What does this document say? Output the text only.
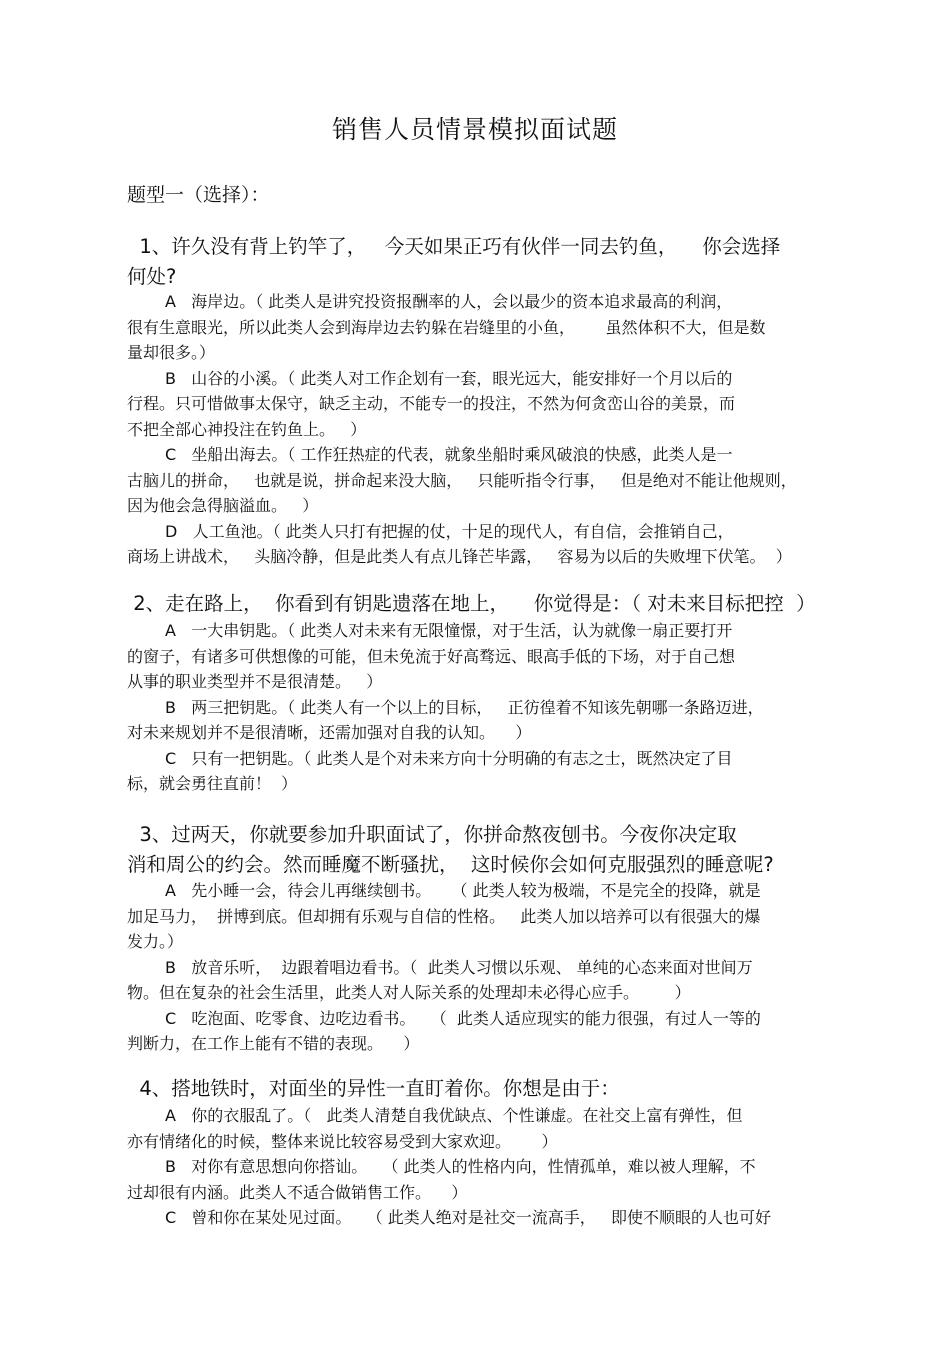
销售人员情景模拟面试题
题型一（选择）：
1、许久没有背上钓竿了，   今天如果正巧有伙伴一同去钓鱼，    你会选择
何处?
A   海岸边。（ 此类人是讲究投资报酬率的人，会以最少的资本追求最高的利润，
很有生意眼光，所以此类人会到海岸边去钓躲在岩缝里的小鱼，      虽然体积不大，但是数
量却很多。）
B   山谷的小溪。（ 此类人对工作企划有一套，眼光远大，能安排好一个月以后的
行程。只可惜做事太保守，缺乏主动，不能专一的投注，不然为何贪峦山谷的美景，而
不把全部心神投注在钓鱼上。   ）
C   坐船出海去。（ 工作狂热症的代表，就象坐船时乘风破浪的快感，此类人是一
古脑儿的拼命，   也就是说，拼命起来没大脑，   只能听指令行事，   但是绝对不能让他规则，
因为他会急得脑溢血。   ）
D   人工鱼池。（ 此类人只打有把握的仗，十足的现代人，有自信，会推销自己，
商场上讲战术，   头脑冷静，但是此类人有点儿锋芒毕露，   容易为以后的失败埋下伏笔。  ）
2、走在路上，  你看到有钥匙遗落在地上，    你觉得是：（ 对未来目标把控  ）
A   一大串钥匙。（ 此类人对未来有无限憧憬，对于生活，认为就像一扇正要打开
的窗子，有诸多可供想像的可能，但未免流于好高骛远、眼高手低的下场，对于自己想
从事的职业类型并不是很清楚。   ）
B   两三把钥匙。（ 此类人有一个以上的目标，   正彷徨着不知该先朝哪一条路迈进，
对未来规划并不是很清晰，还需加强对自我的认知。    ）
C   只有一把钥匙。（ 此类人是个对未来方向十分明确的有志之士，既然决定了目
标，就会勇往直前！  ）
3、过两天，你就要参加升职面试了，你拼命熬夜刨书。今夜你决定取
消和周公的约会。然而睡魔不断骚扰，  这时候你会如何克服强烈的睡意呢?
A   先小睡一会，待会儿再继续刨书。    （ 此类人较为极端，不是完全的投降，就是
加足马力，  拼博到底。但却拥有乐观与自信的性格。   此类人加以培养可以有很强大的爆
发力。）
B   放音乐听，  边跟着唱边看书。（  此类人习惯以乐观、 单纯的心态来面对世间万
物。但在复杂的社会生活里，此类人对人际关系的处理却未必得心应手。       ）
C   吃泡面、吃零食、边吃边看书。   （  此类人适应现实的能力很强，有过人一等的
判断力，在工作上能有不错的表现。    ）
4、搭地铁时，对面坐的异性一直盯着你。你想是由于：
A   你的衣服乱了。（   此类人清楚自我优缺点、个性谦虚。在社交上富有弹性，但
亦有情绪化的时候，整体来说比较容易受到大家欢迎。      ）
B   对你有意思想向你搭讪。   （ 此类人的性格内向，性情孤单，难以被人理解，不
过却很有内涵。此类人不适合做销售工作。    ）
C   曾和你在某处见过面。   （ 此类人绝对是社交一流高手，   即使不顺眼的人也可好
